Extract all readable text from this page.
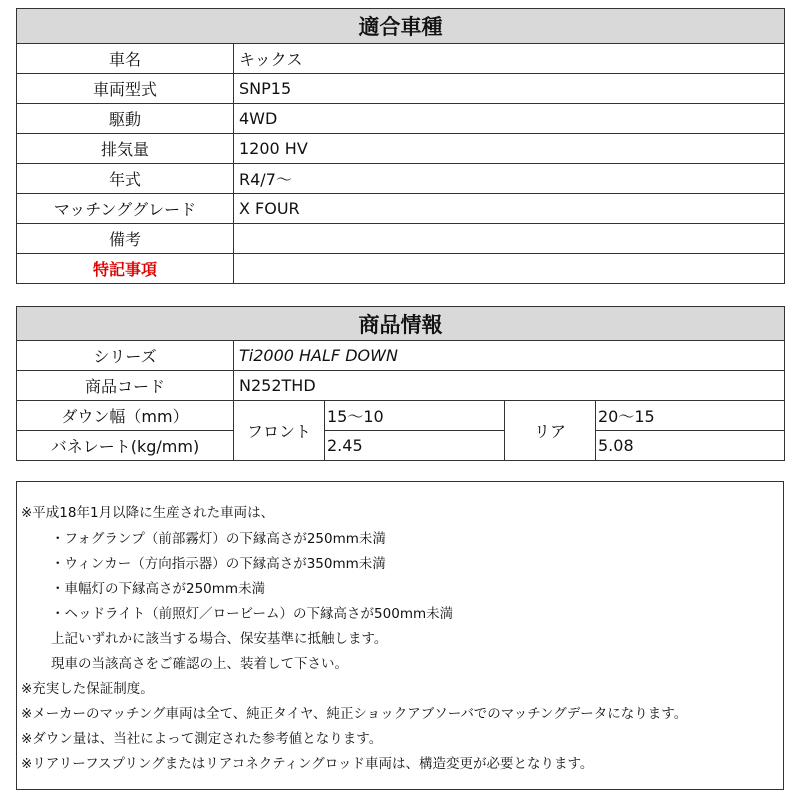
適合車種	
車名	キックス
車両型式	SNP15
駆動	4WD
排気量	1200 HV
年式	R4/7～
マッチンググレード	X FOUR
備考	
特記事項	
商品情報				
シリーズ	Ti2000 HALF DOWN			
商品コード	N252THD			
ダウン幅（mm）	フロント	15～10	リア	20～15
バネレート(kg/mm)		2.45		5.08
※平成18年1月以降に生産された車両は、
・フォグランプ（前部霧灯）の下縁高さが250mm未満
・ウィンカー（方向指示器）の下縁高さが350mm未満
・車幅灯の下縁高さが250mm未満
・ヘッドライト（前照灯／ロービーム）の下縁高さが500mm未満
上記いずれかに該当する場合、保安基準に抵触します。
現車の当該高さをご確認の上、装着して下さい。
※充実した保証制度。
※メーカーのマッチング車両は全て、純正タイヤ、純正ショックアブソーバでのマッチングデータになります。
※ダウン量は、当社によって測定された参考値となります。
※リアリーフスプリングまたはリアコネクティングロッド車両は、構造変更が必要となります。
